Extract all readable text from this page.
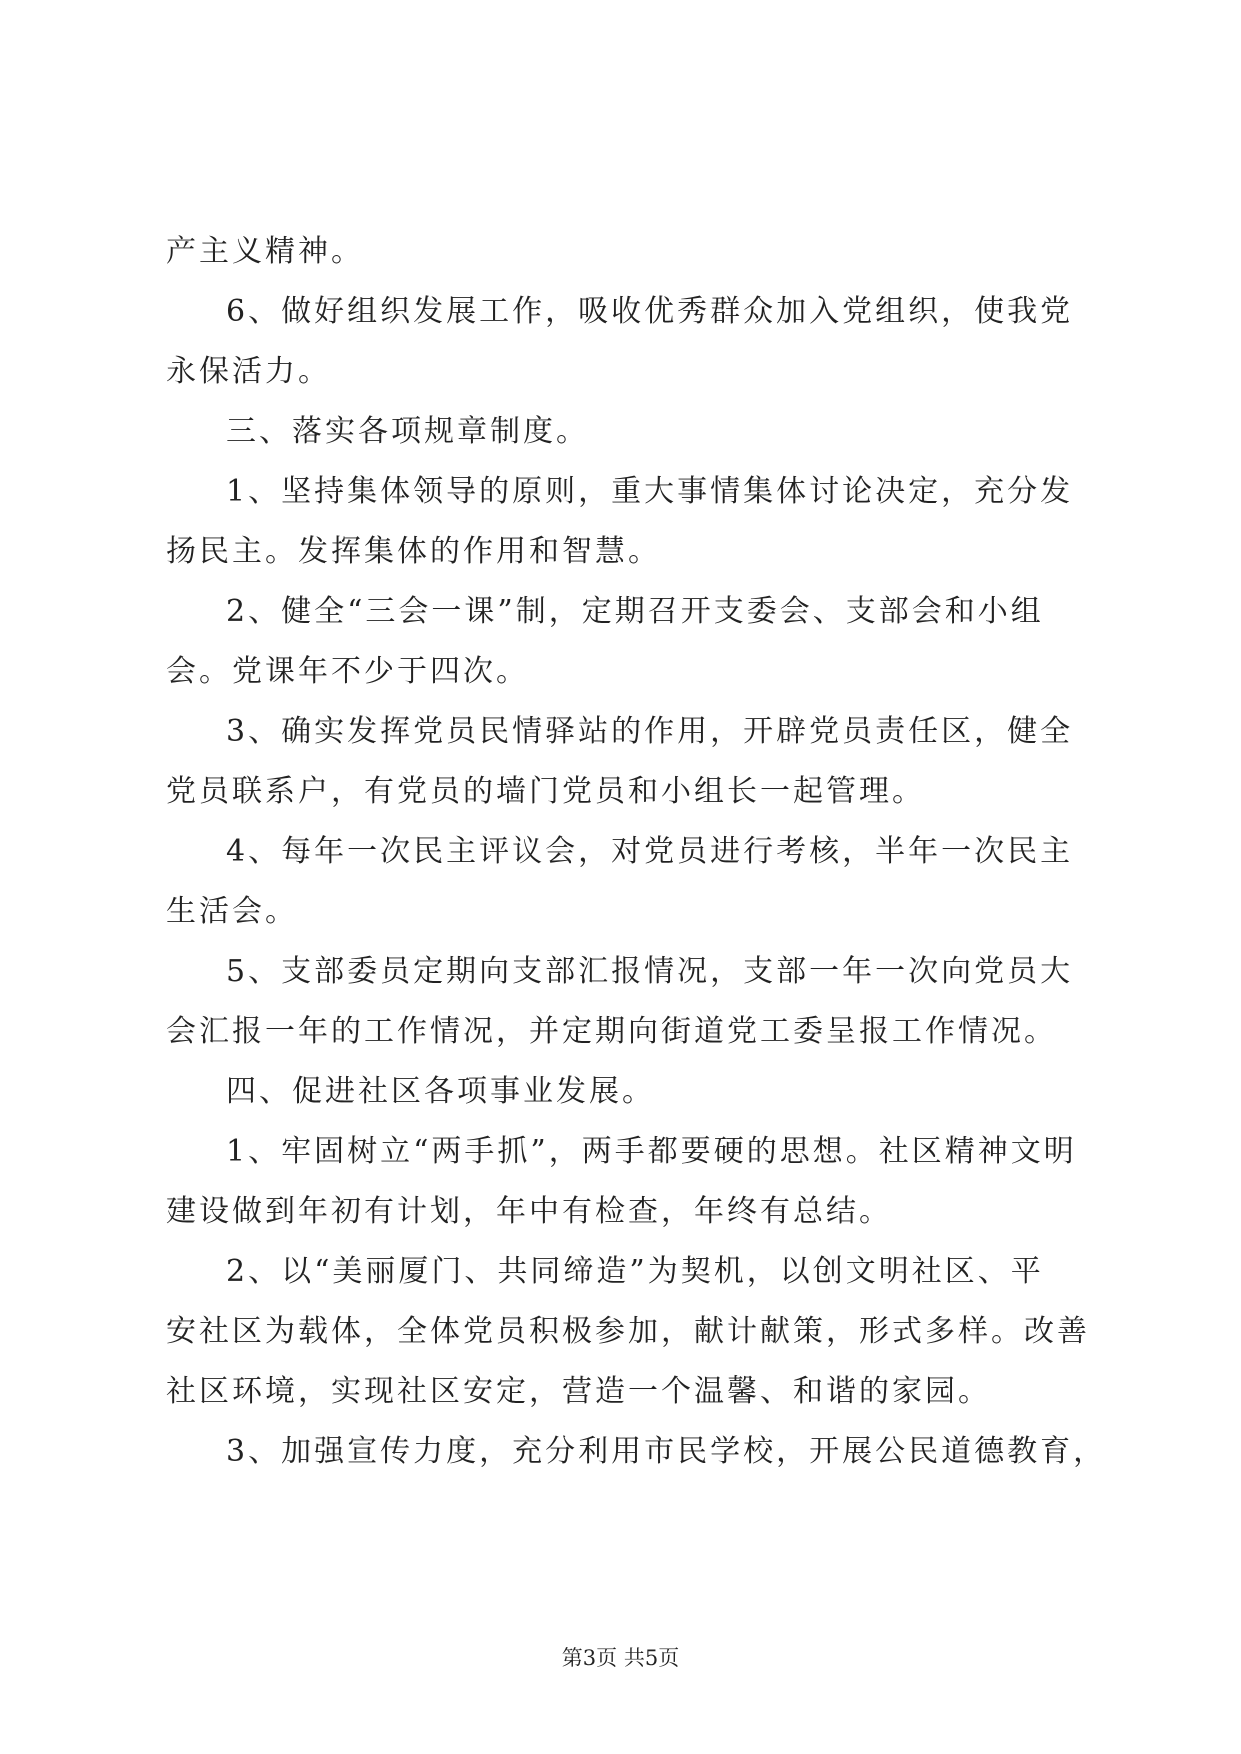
产主义精神。
6、做好组织发展工作，吸收优秀群众加入党组织，使我党
永保活力。
三、落实各项规章制度。
1、坚持集体领导的原则，重大事情集体讨论决定，充分发
扬民主。发挥集体的作用和智慧。
2、健全“三会一课”制，定期召开支委会、支部会和小组
会。党课年不少于四次。
3、确实发挥党员民情驿站的作用，开辟党员责任区，健全
党员联系户，有党员的墙门党员和小组长一起管理。
4、每年一次民主评议会，对党员进行考核，半年一次民主
生活会。
5、支部委员定期向支部汇报情况，支部一年一次向党员大
会汇报一年的工作情况，并定期向街道党工委呈报工作情况。
四、促进社区各项事业发展。
1、牢固树立“两手抓”，两手都要硬的思想。社区精神文明
建设做到年初有计划，年中有检查，年终有总结。
2、以“美丽厦门、共同缔造”为契机，以创文明社区、平
安社区为载体，全体党员积极参加，献计献策，形式多样。改善
社区环境，实现社区安定，营造一个温馨、和谐的家园。
3、加强宣传力度，充分利用市民学校，开展公民道德教育，
第3页 共5页
